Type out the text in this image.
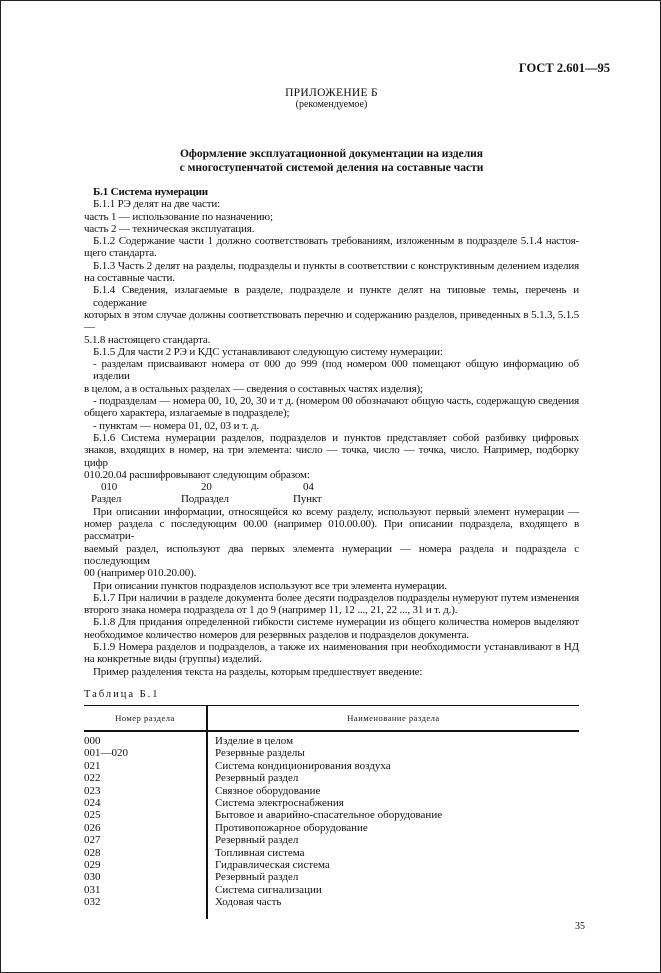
ГОСТ 2.601—95
ПРИЛОЖЕНИЕ Б
(рекомендуемое)
Оформление эксплуатационной документации на изделия
с многоступенчатой системой деления на составные части
Б.1 Система нумерации
Б.1.1 РЭ делят на две части:
часть 1 — использование по назначению;
часть 2 — техническая эксплуатация.
Б.1.2 Содержание части 1 должно соответствовать требованиям, изложенным в подразделе 5.1.4 настоя-
щего стандарта.
Б.1.3 Часть 2 делят на разделы, подразделы и пункты в соответствии с конструктивным делением изделия
на составные части.
Б.1.4 Сведения, излагаемые в разделе, подразделе и пункте делят на типовые темы, перечень и содержание
которых в этом случае должны соответствовать перечню и содержанию разделов, приведенных в 5.1.3, 5.1.5 —
5.1.8 настоящего стандарта.
Б.1.5 Для части 2 РЭ и КДС устанавливают следующую систему нумерации:
- разделам присваивают номера от 000 до 999 (под номером 000 помещают общую информацию об изделии
в целом, а в остальных разделах — сведения о составных частях изделия);
- подразделам — номера 00, 10, 20, 30 и т д. (номером 00 обозначают общую часть, содержащую сведения
общего характера, излагаемые в подразделе);
- пунктам — номера 01, 02, 03 и т. д.
Б.1.6 Система нумерации разделов, подразделов и пунктов представляет собой разбивку цифровых
знаков, входящих в номер, на три элемента: число — точка, число — точка, число. Например, подборку цифр
010.20.04 расшифровывают следующим образом:
010	20	04
Раздел	Подраздел	Пункт
При описании информации, относящейся ко всему разделу, используют первый элемент нумерации —
номер раздела с последующим 00.00 (например 010.00.00). При описании подраздела, входящего в рассматри-
ваемый раздел, используют два первых элемента нумерации — номера раздела и подраздела с последующим
00 (например 010.20.00).
При описании пунктов подразделов используют все три элемента нумерации.
Б.1.7 При наличии в разделе документа более десяти подразделов подразделы нумеруют путем изменения
второго знака номера подраздела от 1 до 9 (например 11, 12 ..., 21, 22 ..., 31 и т. д.).
Б.1.8 Для придания определенной гибкости системе нумерации из общего количества номеров выделяют
необходимое количество номеров для резервных разделов и подразделов документа.
Б.1.9 Номера разделов и подразделов, а также их наименования при необходимости устанавливают в НД
на конкретные виды (группы) изделий.
Пример разделения текста на разделы, которым предшествует введение:
Таблица Б.1
Номер раздела	Наименование раздела
000	Изделие в целом
001—020	Резервные разделы
021	Система кондиционирования воздуха
022	Резервный раздел
023	Связное оборудование
024	Система электроснабжения
025	Бытовое и аварийно-спасательное оборудование
026	Противопожарное оборудование
027	Резервный раздел
028	Топливная система
029	Гидравлическая система
030	Резервный раздел
031	Система сигнализации
032	Ходовая часть
35
